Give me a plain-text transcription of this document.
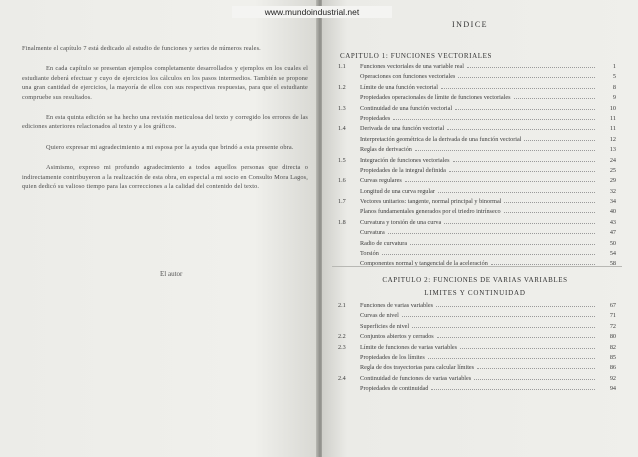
Finalmente el capítulo 7 está dedicado al estudio de funciones y series de números reales.

En cada capítulo se presentan ejemplos completamente desarrollados y ejemplos en los cuales el estudiante deberá efectuar y cuyo de ejercicios los cálculos en los pasos intermedios. También se propone una gran cantidad de ejercicios, la mayoría de ellos con sus respectivas respuestas, para que el estudiante compruebe sus resultados.

En esta quinta edición se ha hecho una revisión meticulosa del texto y corregido los errores de las ediciones anteriores relacionados al texto y a los gráficos.

Quiero expresar mi agradecimiento a mi esposa por la ayuda que brindó a esta presente obra.

Asimismo, expreso mi profundo agradecimiento a todos aquellos personas que directa o indirectamente contribuyeron a la realización de esta obra, en especial a mi socio en Consulto Mora Lagos, quien dedicó su valioso tiempo para las correcciones a la calidad del contenido del texto.

El autor
www.mundoindustrial.net
INDICE
CAPITULO 1: FUNCIONES VECTORIALES
1.1	Funciones vectoriales de una variable real	1
Operaciones con funciones vectoriales	5
1.2	Límite de una función vectorial	8
Propiedades operacionales de límite de funciones vectoriales	9
1.3	Continuidad de una función vectorial	10
Propiedades	11
1.4	Derivada de una función vectorial	11
Interpretación geométrica de la derivada de una función vectorial	12
Reglas de derivación	13
1.5	Integración de funciones vectoriales	24
Propiedades de la integral definida	25
1.6	Curvas regulares	29
Longitud de una curva regular	32
1.7	Vectores unitarios: tangente, normal principal y binormal	34
Planos fundamentales generados por el triedro intrínseco	40
1.8	Curvatura y torsión de una curva	43
Curvatura	47
Radio de curvatura	50
Torsión	54
Componentes normal y tangencial de la aceleración	58
CAPITULO 2: FUNCIONES DE VARIAS VARIABLES
LIMITES Y CONTINUIDAD
2.1	Funciones de varias variables	67
Curvas de nivel	71
Superficies de nivel	72
2.2	Conjuntos abiertos y cerrados	80
2.3	Límite de funciones de varias variables	82
Propiedades de los límites	85
Regla de dos trayectorias para calcular límites	86
2.4	Continuidad de funciones de varias variables	92
Propiedades de continuidad	94
